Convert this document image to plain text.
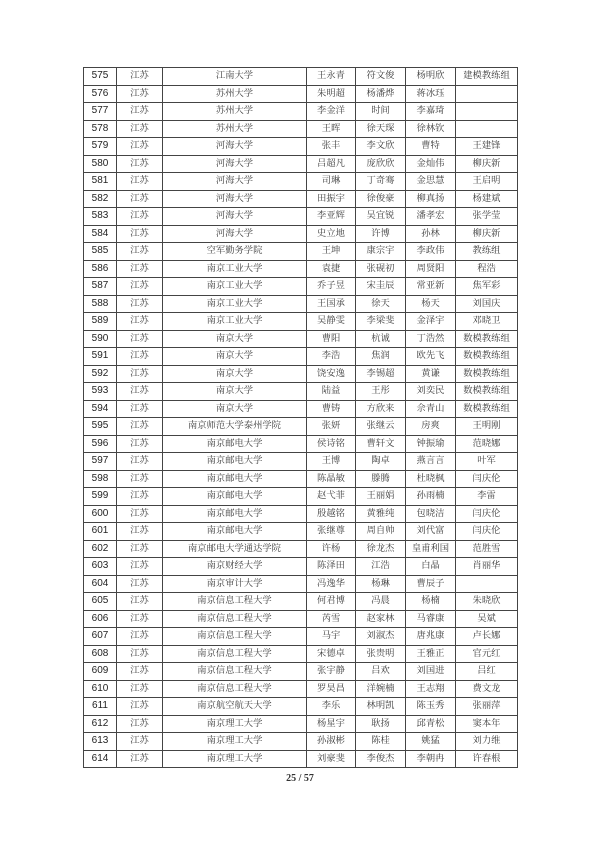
575	江苏	江南大学	王永青	符文俊	杨明欣	建模教练组
576	江苏	苏州大学	朱明超	杨潘烨	蒋冰珏	
577	江苏	苏州大学	李金洋	时间	李嘉琦	
578	江苏	苏州大学	王晖	徐天琛	徐林钦	
579	江苏	河海大学	张丰	李文欣	曹特	王建锋
580	江苏	河海大学	吕超凡	庞欣欣	金灿伟	柳庆新
581	江苏	河海大学	司琳	丁奇骞	金思慧	王启明
582	江苏	河海大学	田振宇	徐俊豪	柳真扬	杨建斌
583	江苏	河海大学	李亚辉	吴宜锐	潘孝宏	张学莹
584	江苏	河海大学	史立地	许博	孙林	柳庆新
585	江苏	空军勤务学院	王坤	康宗宇	李政伟	教练组
586	江苏	南京工业大学	袁捷	张砚初	周贤阳	程浩
587	江苏	南京工业大学	乔子昱	宋圭辰	常亚新	焦军彩
588	江苏	南京工业大学	王国承	徐天	杨天	刘国庆
589	江苏	南京工业大学	吴静雯	李梁斐	金泽宇	邓晓卫
590	江苏	南京大学	曹阳	杭诚	丁浩然	数模教练组
591	江苏	南京大学	李浩	焦润	欧先飞	数模教练组
592	江苏	南京大学	饶安逸	李锡超	黄谦	数模教练组
593	江苏	南京大学	陆益	王彤	刘奕民	数模教练组
594	江苏	南京大学	曹铸	方欣来	佘青山	数模教练组
595	江苏	南京师范大学泰州学院	张妍	张继云	房爽	王明刚
596	江苏	南京邮电大学	侯诗铭	曹轩文	钟振瑜	范晓娜
597	江苏	南京邮电大学	王博	陶卓	燕言言	叶军
598	江苏	南京邮电大学	陈晶敏	滕腾	杜晓枫	闫庆伦
599	江苏	南京邮电大学	赵弋菲	王丽娟	孙雨楠	李雷
600	江苏	南京邮电大学	殷越铭	黄雅纯	包晓洁	闫庆伦
601	江苏	南京邮电大学	张继尊	周自帅	刘代富	闫庆伦
602	江苏	南京邮电大学通达学院	许杨	徐龙杰	皇甫利国	范胜雪
603	江苏	南京财经大学	陈泽田	江浩	白晶	肖丽华
604	江苏	南京审计大学	冯逸华	杨琳	曹辰子	
605	江苏	南京信息工程大学	何君博	冯晨	杨楠	朱晓欣
606	江苏	南京信息工程大学	芮雪	赵家林	马睿康	吴斌
607	江苏	南京信息工程大学	马宇	刘淑杰	唐兆康	卢长娜
608	江苏	南京信息工程大学	宋德卓	张贵明	王雅正	官元红
609	江苏	南京信息工程大学	张宇静	吕欢	刘国进	吕红
610	江苏	南京信息工程大学	罗昊昌	洋婉楠	王志翔	费文龙
611	江苏	南京航空航天大学	李乐	林明凯	陈玉秀	张丽萍
612	江苏	南京理工大学	杨星宇	耿扬	邱青松	窦本年
613	江苏	南京理工大学	孙淑彬	陈桂	姚猛	刘力维
614	江苏	南京理工大学	刘豪斐	李俊杰	李朝冉	许春根
25 / 57
